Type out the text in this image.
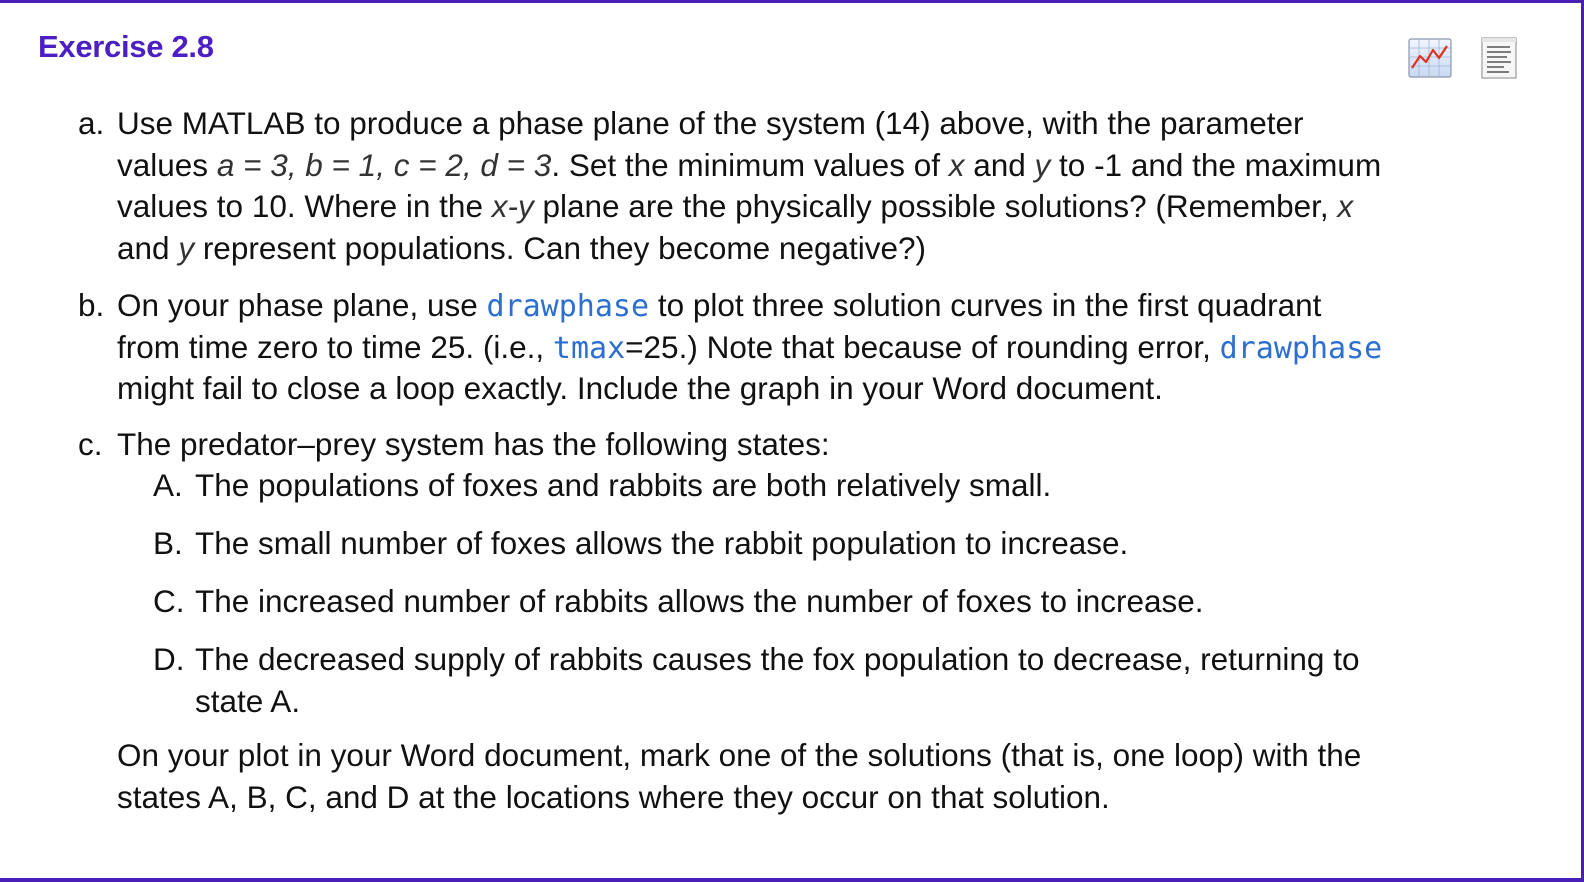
Exercise 2.8
a. Use MATLAB to produce a phase plane of the system (14) above, with the parameter
values a = 3, b = 1, c = 2, d = 3. Set the minimum values of x and y to -1 and the maximum
values to 10. Where in the x-y plane are the physically possible solutions? (Remember, x
and y represent populations. Can they become negative?)
b. On your phase plane, use drawphase to plot three solution curves in the first quadrant
from time zero to time 25. (i.e., tmax=25.) Note that because of rounding error, drawphase
might fail to close a loop exactly. Include the graph in your Word document.
c. The predator–prey system has the following states:
A. The populations of foxes and rabbits are both relatively small.
B. The small number of foxes allows the rabbit population to increase.
C. The increased number of rabbits allows the number of foxes to increase.
D. The decreased supply of rabbits causes the fox population to decrease, returning to
state A.
On your plot in your Word document, mark one of the solutions (that is, one loop) with the
states A, B, C, and D at the locations where they occur on that solution.
